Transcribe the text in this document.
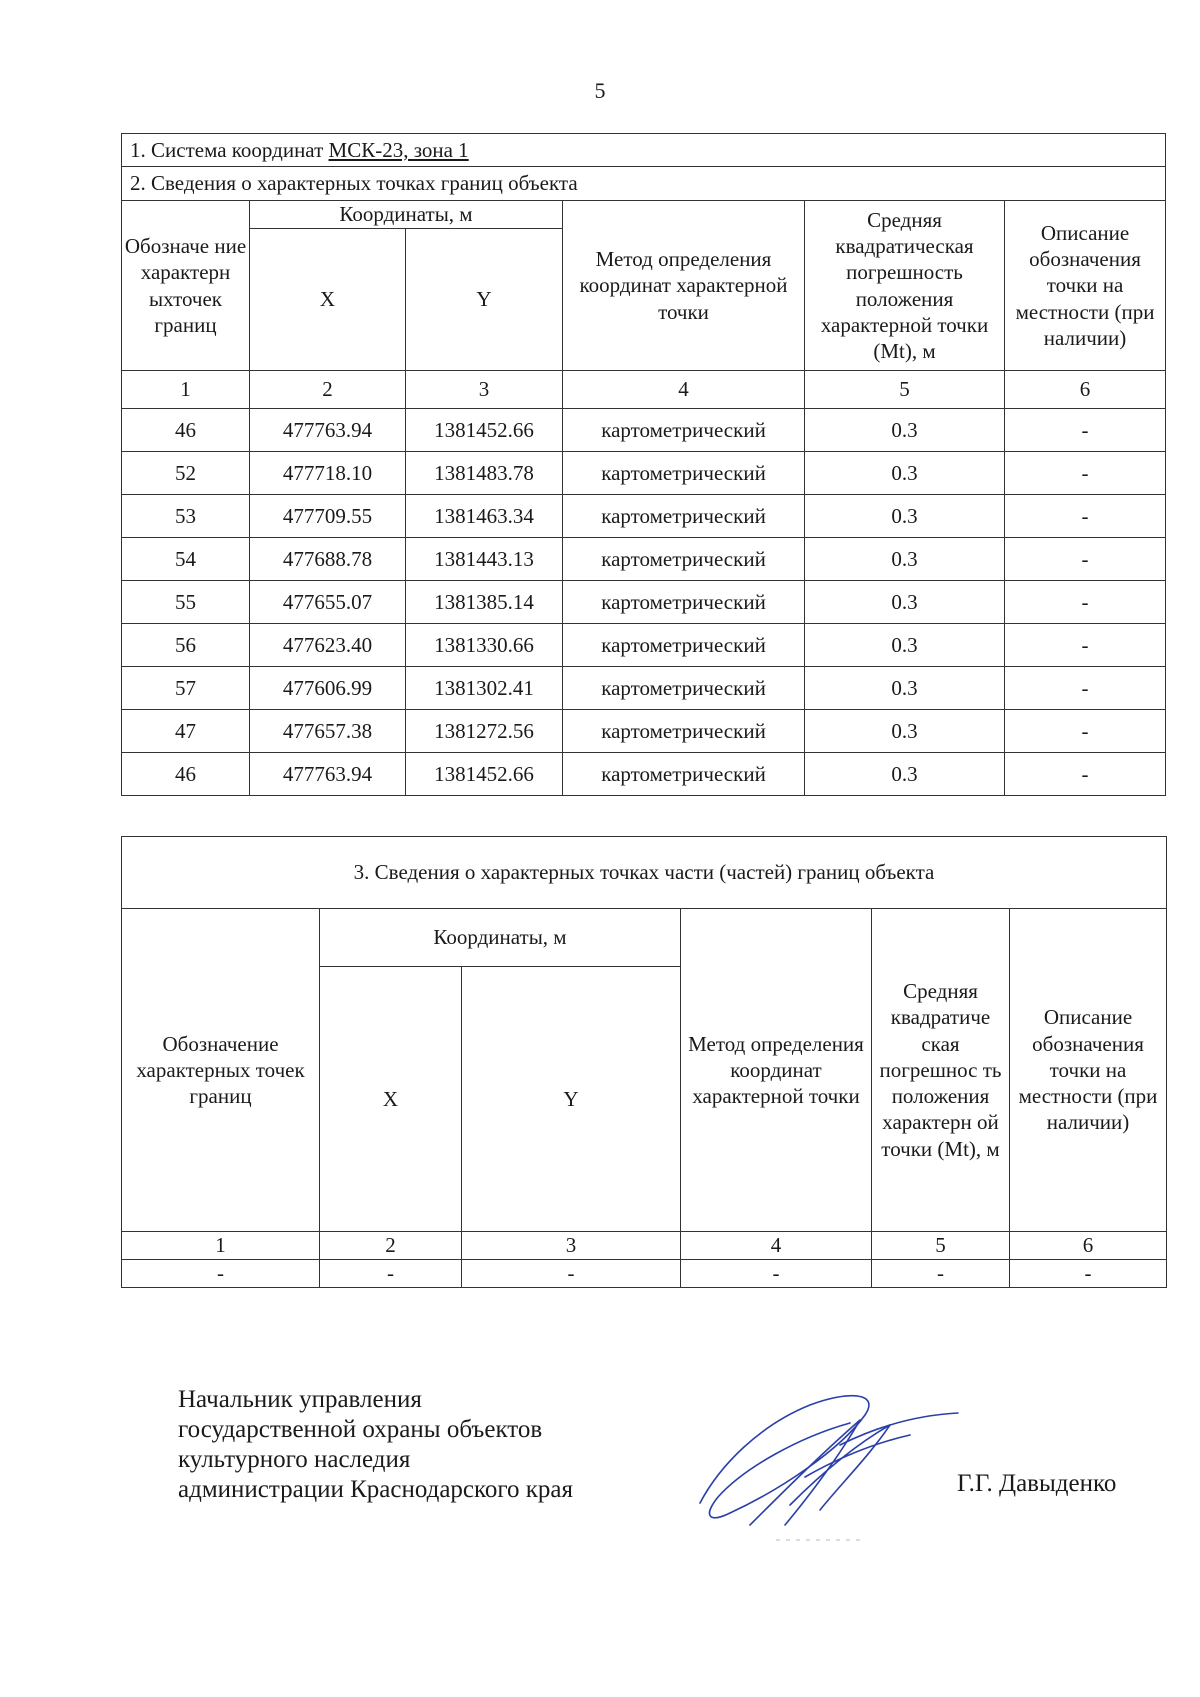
5
1. Система координат МСК-23, зона 1					
2. Сведения о характерных точках границ объекта					
Обозначе ние характерн ыхточек границ	Координаты, м		Метод определения координат характерной точки	Средняя квадратическая погрешность положения характерной точки (Mt), м	Описание обозначения точки на местности (при наличии)
	X	Y			
1	2	3	4	5	6
46	477763.94	1381452.66	картометрический	0.3	-
52	477718.10	1381483.78	картометрический	0.3	-
53	477709.55	1381463.34	картометрический	0.3	-
54	477688.78	1381443.13	картометрический	0.3	-
55	477655.07	1381385.14	картометрический	0.3	-
56	477623.40	1381330.66	картометрический	0.3	-
57	477606.99	1381302.41	картометрический	0.3	-
47	477657.38	1381272.56	картометрический	0.3	-
46	477763.94	1381452.66	картометрический	0.3	-
3. Сведения о характерных точках части (частей) границ объекта					
Обозначение характерных точек границ	Координаты, м		Метод определения координат характерной точки	Средняя квадратиче ская погрешнос ть положения характерн ой точки (Mt), м	Описание обозначения точки на местности (при наличии)
	X	Y			
1	2	3	4	5	6
-	-	-	-	-	-
Начальник управления
государственной охраны объектов
культурного наследия
администрации Краснодарского края	Г.Г. Давыденко
